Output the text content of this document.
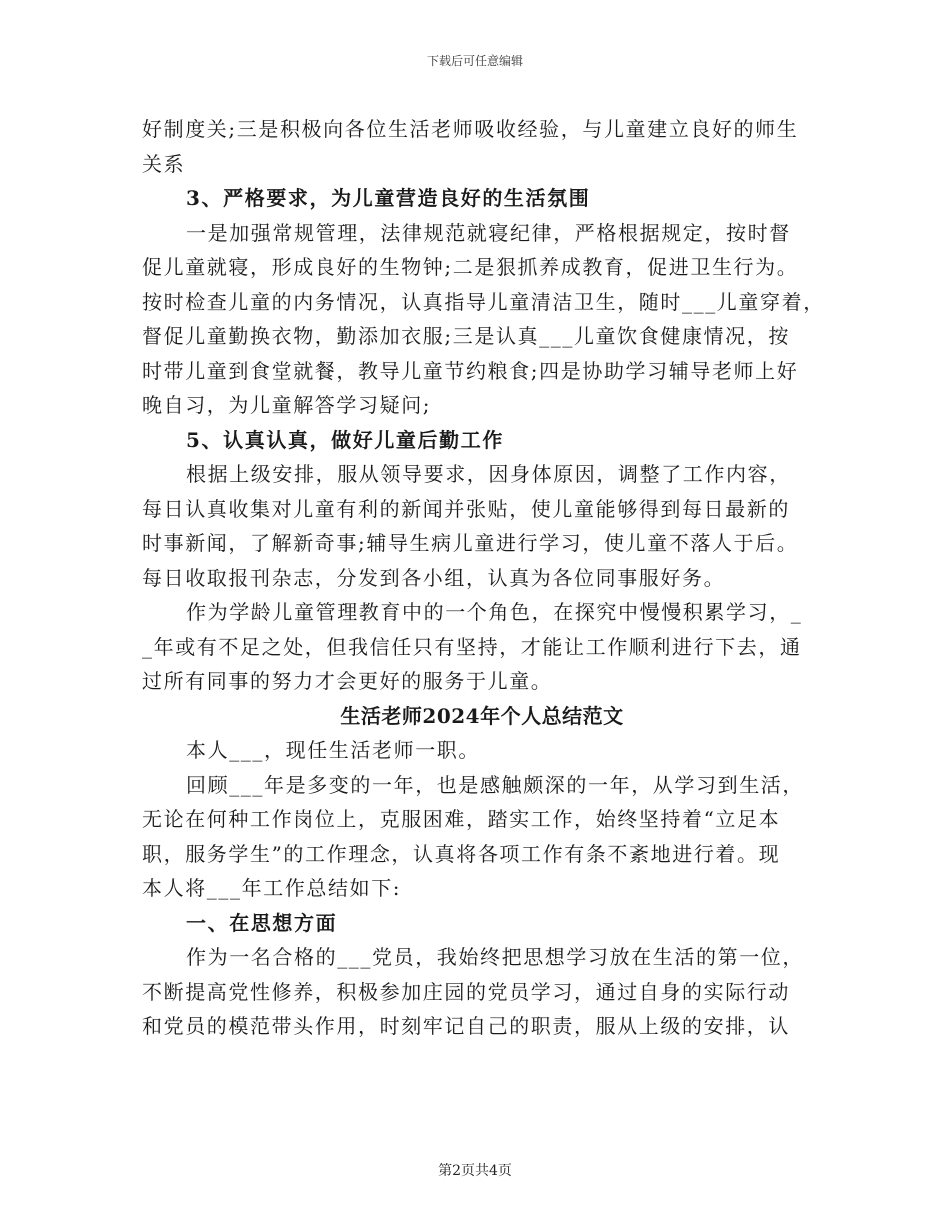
下载后可任意编辑
好制度关;三是积极向各位生活老师吸收经验，与儿童建立良好的师生
关系
3、严格要求，为儿童营造良好的生活氛围
一是加强常规管理，法律规范就寝纪律，严格根据规定，按时督
促儿童就寝，形成良好的生物钟;二是狠抓养成教育，促进卫生行为。
按时检查儿童的内务情况，认真指导儿童清洁卫生，随时___儿童穿着，
督促儿童勤换衣物，勤添加衣服;三是认真___儿童饮食健康情况，按
时带儿童到食堂就餐，教导儿童节约粮食;四是协助学习辅导老师上好
晚自习，为儿童解答学习疑问;
5、认真认真，做好儿童后勤工作
根据上级安排，服从领导要求，因身体原因，调整了工作内容，
每日认真收集对儿童有利的新闻并张贴，使儿童能够得到每日最新的
时事新闻，了解新奇事;辅导生病儿童进行学习，使儿童不落人于后。
每日收取报刊杂志，分发到各小组，认真为各位同事服好务。
作为学龄儿童管理教育中的一个角色，在探究中慢慢积累学习，_
_年或有不足之处，但我信任只有坚持，才能让工作顺利进行下去，通
过所有同事的努力才会更好的服务于儿童。
生活老师2024年个人总结范文
本人___，现任生活老师一职。
回顾___年是多变的一年，也是感触颇深的一年，从学习到生活，
无论在何种工作岗位上，克服困难，踏实工作，始终坚持着“立足本
职，服务学生”的工作理念，认真将各项工作有条不紊地进行着。现
本人将___年工作总结如下:
一、在思想方面
作为一名合格的___党员，我始终把思想学习放在生活的第一位，
不断提高党性修养，积极参加庄园的党员学习，通过自身的实际行动
和党员的模范带头作用，时刻牢记自己的职责，服从上级的安排，认
第2页共4页
